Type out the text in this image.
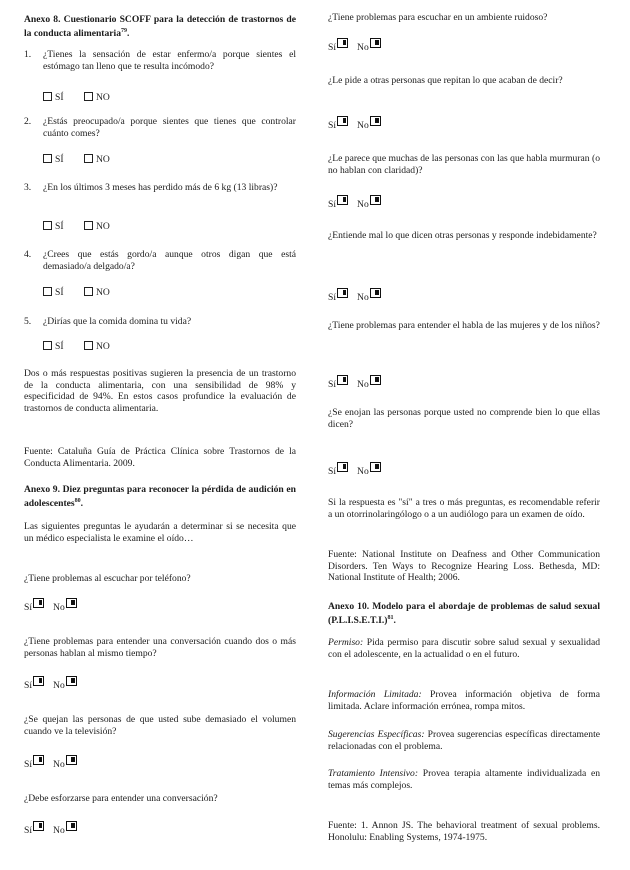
Anexo 8. Cuestionario SCOFF para la detección de trastornos de la conducta alimentaria$^{79}$.

1. ¿Tienes la sensación de estar enfermo/a porque sientes el estómago tan lleno que te resulta incómodo?
SÍ	NO
2. ¿Estás preocupado/a porque sientes que tienes que controlar cuánto comes?
SÍ	NO
3. ¿En los últimos 3 meses has perdido más de 6 kg (13 libras)?
SÍ	NO
4. ¿Crees que estás gordo/a aunque otros digan que está demasiado/a delgado/a?
SÍ	NO
5. ¿Dirías que la comida domina tu vida?
SÍ	NO

Dos o más respuestas positivas sugieren la presencia de un trastorno de la conducta alimentaria, con una sensibilidad de 98% y especificidad de 94%. En estos casos profundice la evaluación de trastornos de conducta alimentaria.

Fuente: Cataluña Guía de Práctica Clínica sobre Trastornos de la Conducta Alimentaria. 2009.

Anexo 9. Diez preguntas para reconocer la pérdida de audición en adolescentes$^{80}$.

Las siguientes preguntas le ayudarán a determinar si se necesita que un médico especialista le examine el oído…

¿Tiene problemas al escuchar por teléfono?

Sí No

¿Tiene problemas para entender una conversación cuando dos o más personas hablan al mismo tiempo?

Sí No

¿Se quejan las personas de que usted sube demasiado el volumen cuando ve la televisión?

Sí No

¿Debe esforzarse para entender una conversación?

Sí No

¿Tiene problemas para escuchar en un ambiente ruidoso?

Sí No

¿Le pide a otras personas que repitan lo que acaban de decir?

Sí No

¿Le parece que muchas de las personas con las que habla murmuran (o no hablan con claridad)?

Sí No

¿Entiende mal lo que dicen otras personas y responde indebidamente?

Sí No

¿Tiene problemas para entender el habla de las mujeres y de los niños?

Sí No

¿Se enojan las personas porque usted no comprende bien lo que ellas dicen?

Sí No

Si la respuesta es "sí" a tres o más preguntas, es recomendable referir a un otorrinolaringólogo o a un audiólogo para un examen de oído.

Fuente: National Institute on Deafness and Other Communication Disorders. Ten Ways to Recognize Hearing Loss. Bethesda, MD: National Institute of Health; 2006.

Anexo 10. Modelo para el abordaje de problemas de salud sexual $(P.L.I.S.E.T.I.)^{81}$.

Permiso: Pida permiso para discutir sobre salud sexual y sexualidad con el adolescente, en la actualidad o en el futuro.

Información Limitada: Provea información objetiva de forma limitada. Aclare información errónea, rompa mitos.

Sugerencias Específicas: Provea sugerencias específicas directamente relacionadas con el problema.

Tratamiento Intensivo: Provea terapia altamente individualizada en temas más complejos.

Fuente: 1. Annon JS. The behavioral treatment of sexual problems. Honolulu: Enabling Systems, 1974-1975.
